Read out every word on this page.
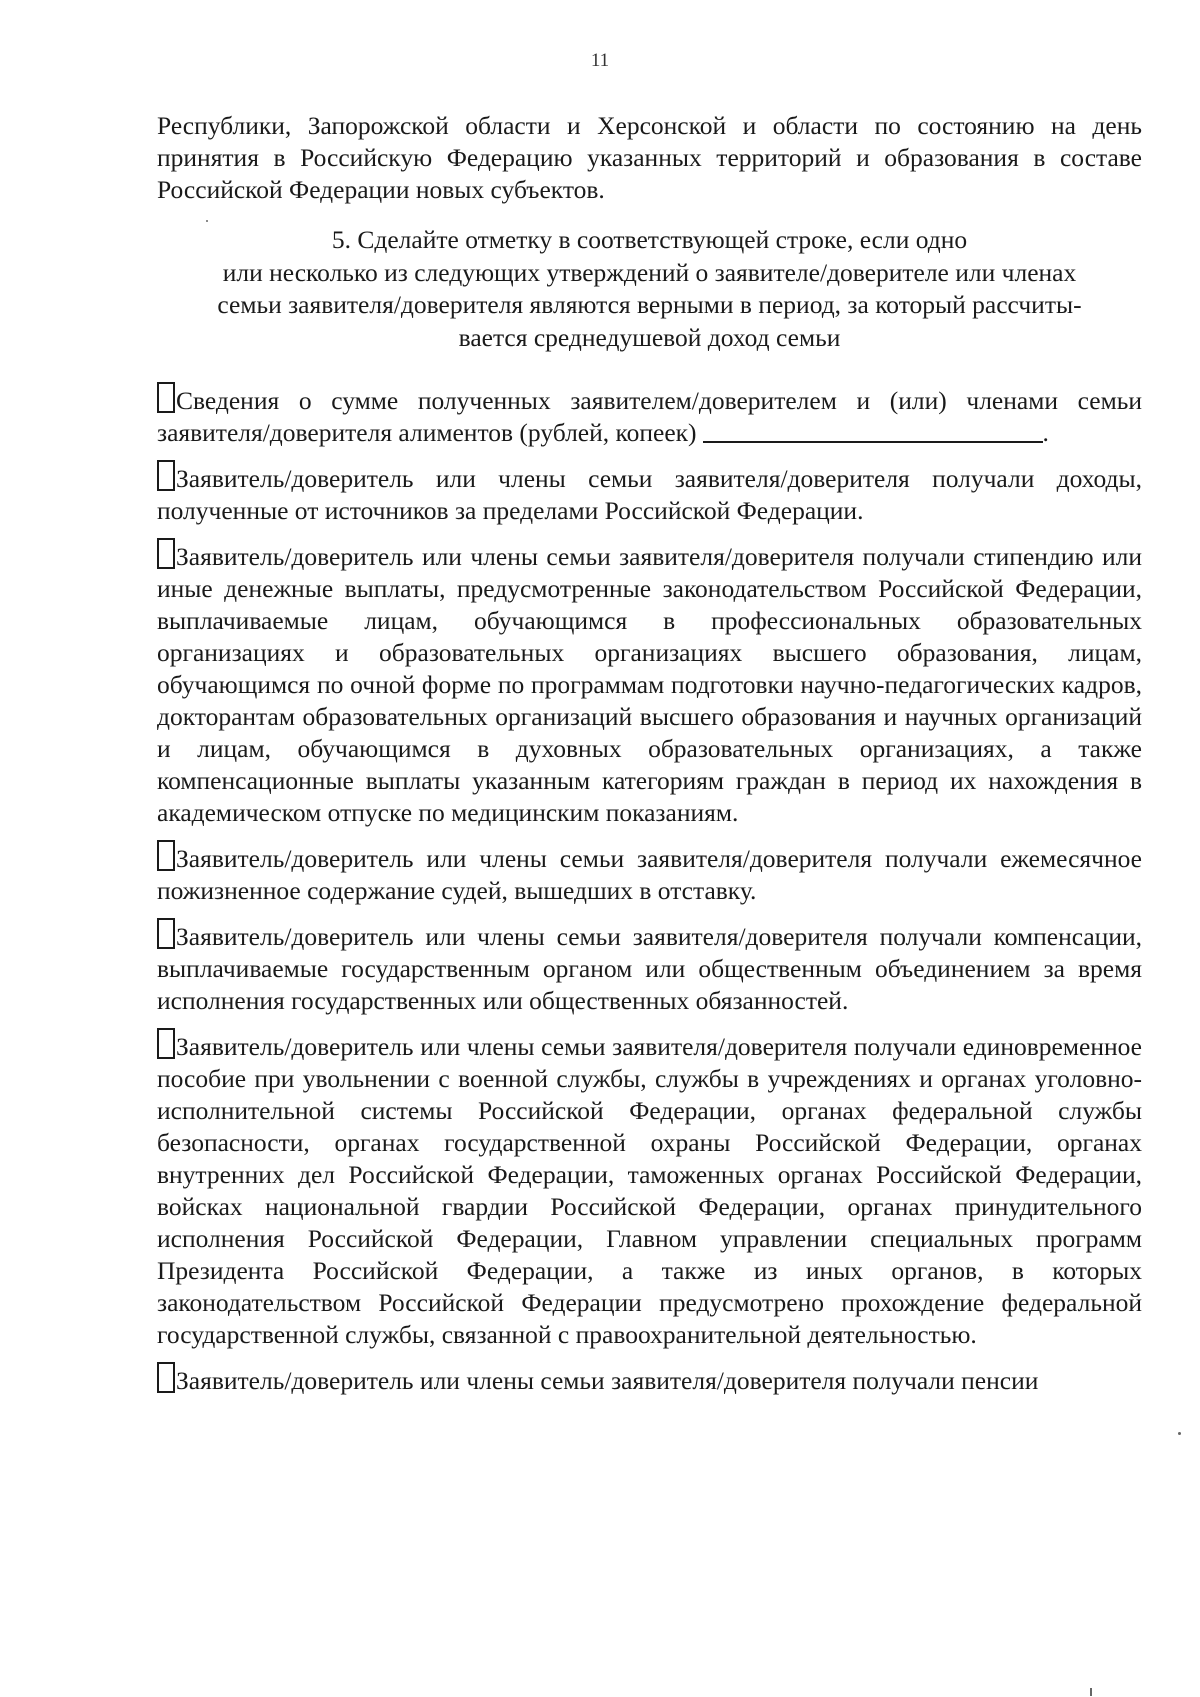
11

Республики, Запорожской области и Херсонской и области по состоянию на день принятия в Российскую Федерацию указанных территорий и образования в составе Российской Федерации новых субъектов.

5. Сделайте отметку в соответствующей строке, если одно
или несколько из следующих утверждений о заявителе/доверителе или членах
семьи заявителя/доверителя являются верными в период, за который рассчиты-
вается среднедушевой доход семьи

Сведения о сумме полученных заявителем/доверителем и (или) членами семьи заявителя/доверителя алиментов (рублей, копеек)	.

Заявитель/доверитель или члены семьи заявителя/доверителя получали доходы, полученные от источников за пределами Российской Федерации.

Заявитель/доверитель или члены семьи заявителя/доверителя получали стипендию или иные денежные выплаты, предусмотренные законодательством Российской Федерации, выплачиваемые лицам, обучающимся в профессиональных образовательных организациях и образовательных организациях высшего образования, лицам, обучающимся по очной форме по программам подготовки научно-педагогических кадров, докторантам образовательных организаций высшего образования и научных организаций и лицам, обучающимся в духовных образовательных организациях, а также компенсационные выплаты указанным категориям граждан в период их нахождения в академическом отпуске по медицинским показаниям.

Заявитель/доверитель или члены семьи заявителя/доверителя получали ежемесячное пожизненное содержание судей, вышедших в отставку.

Заявитель/доверитель или члены семьи заявителя/доверителя получали компенсации, выплачиваемые государственным органом или общественным объединением за время исполнения государственных или общественных обязанностей.

Заявитель/доверитель или члены семьи заявителя/доверителя получали единовременное пособие при увольнении с военной службы, службы в учреждениях и органах уголовно-исполнительной системы Российской Федерации, органах федеральной службы безопасности, органах государственной охраны Российской Федерации, органах внутренних дел Российской Федерации, таможенных органах Российской Федерации, войсках национальной гвардии Российской Федерации, органах принудительного исполнения Российской Федерации, Главном управлении специальных программ Президента Российской Федерации, а также из иных органов, в которых законодательством Российской Федерации предусмотрено прохождение федеральной государственной службы, связанной с правоохранительной деятельностью.

Заявитель/доверитель или члены семьи заявителя/доверителя получали пенсии
